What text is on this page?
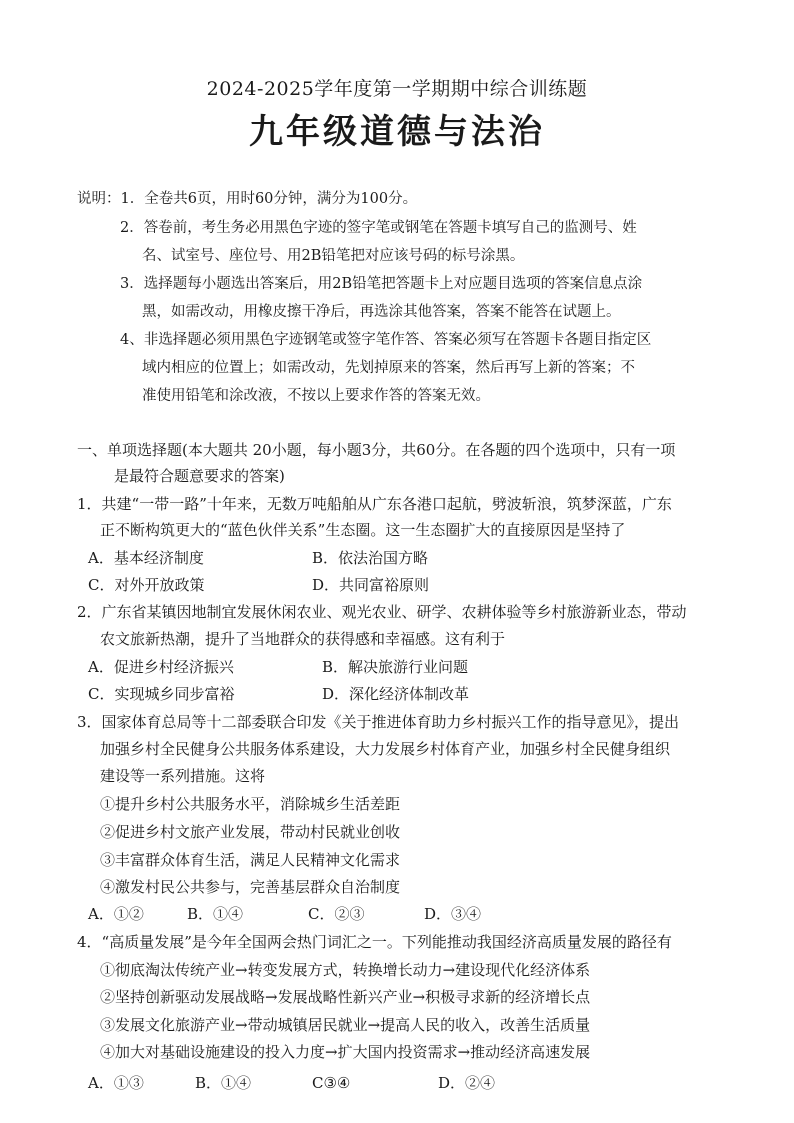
2024-2025学年度第一学期期中综合训练题
九年级道德与法治
说明：1．全卷共6页，用时60分钟，满分为100分。
2．答卷前，考生务必用黑色字迹的签字笔或钢笔在答题卡填写自己的监测号、姓
名、试室号、座位号、用2B铅笔把对应该号码的标号涂黑。
3．选择题每小题选出答案后，用2B铅笔把答题卡上对应题目选项的答案信息点涂
黑，如需改动，用橡皮擦干净后，再选涂其他答案，答案不能答在试题上。
4、非选择题必须用黑色字迹钢笔或签字笔作答、答案必须写在答题卡各题目指定区
域内相应的位置上；如需改动，先划掉原来的答案，然后再写上新的答案；不
准使用铅笔和涂改液，不按以上要求作答的答案无效。
一、单项选择题(本大题共 20小题，每小题3分，共60分。在各题的四个选项中，只有一项
是最符合题意要求的答案)
1．共建“一带一路”十年来，无数万吨船舶从广东各港口起航，劈波斩浪，筑梦深蓝，广东
正不断构筑更大的“蓝色伙伴关系”生态圈。这一生态圈扩大的直接原因是坚持了
A．基本经济制度	B．依法治国方略
C．对外开放政策	D．共同富裕原则
2．广东省某镇因地制宜发展休闲农业、观光农业、研学、农耕体验等乡村旅游新业态，带动
农文旅新热潮，提升了当地群众的获得感和幸福感。这有利于
A．促进乡村经济振兴	B．解决旅游行业问题
C．实现城乡同步富裕	D．深化经济体制改革
3．国家体育总局等十二部委联合印发《关于推进体育助力乡村振兴工作的指导意见》，提出
加强乡村全民健身公共服务体系建设，大力发展乡村体育产业，加强乡村全民健身组织
建设等一系列措施。这将
①提升乡村公共服务水平，消除城乡生活差距
②促进乡村文旅产业发展，带动村民就业创收
③丰富群众体育生活，满足人民精神文化需求
④激发村民公共参与，完善基层群众自治制度
A．①②	B．①④	C．②③	D．③④
4．“高质量发展”是今年全国两会热门词汇之一。下列能推动我国经济高质量发展的路径有
①彻底淘汰传统产业→转变发展方式，转换增长动力→建设现代化经济体系
②坚持创新驱动发展战略→发展战略性新兴产业→积极寻求新的经济增长点
③发展文化旅游产业→带动城镇居民就业→提高人民的收入，改善生活质量
④加大对基础设施建设的投入力度→扩大国内投资需求→推动经济高速发展
A．①③	B．①④	C③④	D．②④
